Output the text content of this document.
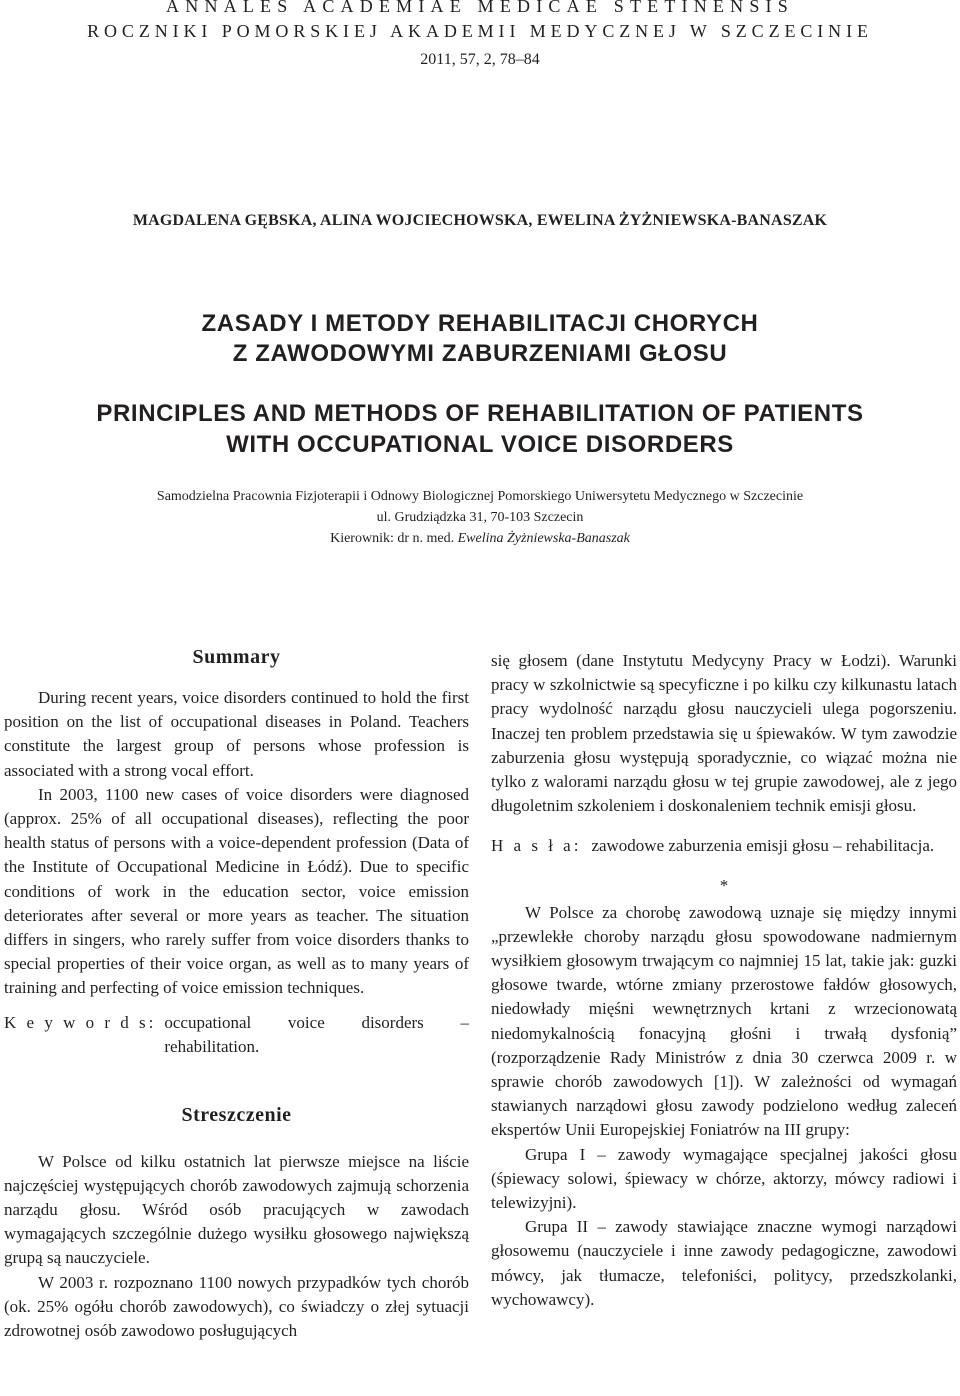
ANNALES ACADEMIAE MEDICAE STETINENSIS
ROCZNIKI POMORSKIEJ AKADEMII MEDYCZNEJ W SZCZECINIE
2011, 57, 2, 78–84
MAGDALENA GĘBSKA, ALINA WOJCIECHOWSKA, EWELINA ŻYŻNIEWSKA-BANASZAK
ZASADY I METODY REHABILITACJI CHORYCH
Z ZAWODOWYMI ZABURZENIAMI GŁOSU
PRINCIPLES AND METHODS OF REHABILITATION OF PATIENTS
WITH OCCUPATIONAL VOICE DISORDERS
Samodzielna Pracownia Fizjoterapii i Odnowy Biologicznej Pomorskiego Uniwersytetu Medycznego w Szczecinie
ul. Grudziądzka 31, 70-103 Szczecin
Kierownik: dr n. med. Ewelina Żyżniewska-Banaszak
Summary

During recent years, voice disorders continued to hold the first position on the list of occupational diseases in Poland. Teachers constitute the largest group of persons whose profession is associated with a strong vocal effort.

In 2003, 1100 new cases of voice disorders were diagnosed (approx. 25% of all occupational diseases), reflecting the poor health status of persons with a voice-dependent profession (Data of the Institute of Occupational Medicine in Łódź). Due to specific conditions of work in the education sector, voice emission deteriorates after several or more years as teacher. The situation differs in singers, who rarely suffer from voice disorders thanks to special properties of their voice organ, as well as to many years of training and perfecting of voice emission techniques.

K e y w o r d s: occupational voice disorders – rehabilitation.
Streszczenie

W Polsce od kilku ostatnich lat pierwsze miejsce na liście najczęściej występujących chorób zawodowych zajmują schorzenia narządu głosu. Wśród osób pracujących w zawodach wymagających szczególnie dużego wysiłku głosowego największą grupą są nauczyciele.

W 2003 r. rozpoznano 1100 nowych przypadków tych chorób (ok. 25% ogółu chorób zawodowych), co świadczy o złej sytuacji zdrowotnej osób zawodowo posługujących

się głosem (dane Instytutu Medycyny Pracy w Łodzi). Warunki pracy w szkolnictwie są specyficzne i po kilku czy kilkunastu latach pracy wydolność narządu głosu nauczycieli ulega pogorszeniu. Inaczej ten problem przedstawia się u śpiewaków. W tym zawodzie zaburzenia głosu występują sporadycznie, co wiązać można nie tylko z walorami narządu głosu w tej grupie zawodowej, ale z jego długoletnim szkoleniem i doskonaleniem technik emisji głosu.

H a s ł a: zawodowe zaburzenia emisji głosu – rehabilitacja.
*

W Polsce za chorobę zawodową uznaje się między innymi „przewlekłe choroby narządu głosu spowodowane nadmiernym wysiłkiem głosowym trwającym co najmniej 15 lat, takie jak: guzki głosowe twarde, wtórne zmiany przerostowe fałdów głosowych, niedowłady mięśni wewnętrznych krtani z wrzecionowatą niedomykalnością fonacyjną głośni i trwałą dysfonią” (rozporządzenie Rady Ministrów z dnia 30 czerwca 2009 r. w sprawie chorób zawodowych [1]). W zależności od wymagań stawianych narządowi głosu zawody podzielono według zaleceń ekspertów Unii Europejskiej Foniatrów na III grupy:

Grupa I – zawody wymagające specjalnej jakości głosu (śpiewacy solowi, śpiewacy w chórze, aktorzy, mówcy radiowi i telewizyjni).

Grupa II – zawody stawiające znaczne wymogi narządowi głosowemu (nauczyciele i inne zawody pedagogiczne, zawodowi mówcy, jak tłumacze, telefoniści, politycy, przedszkolanki, wychowawcy).
